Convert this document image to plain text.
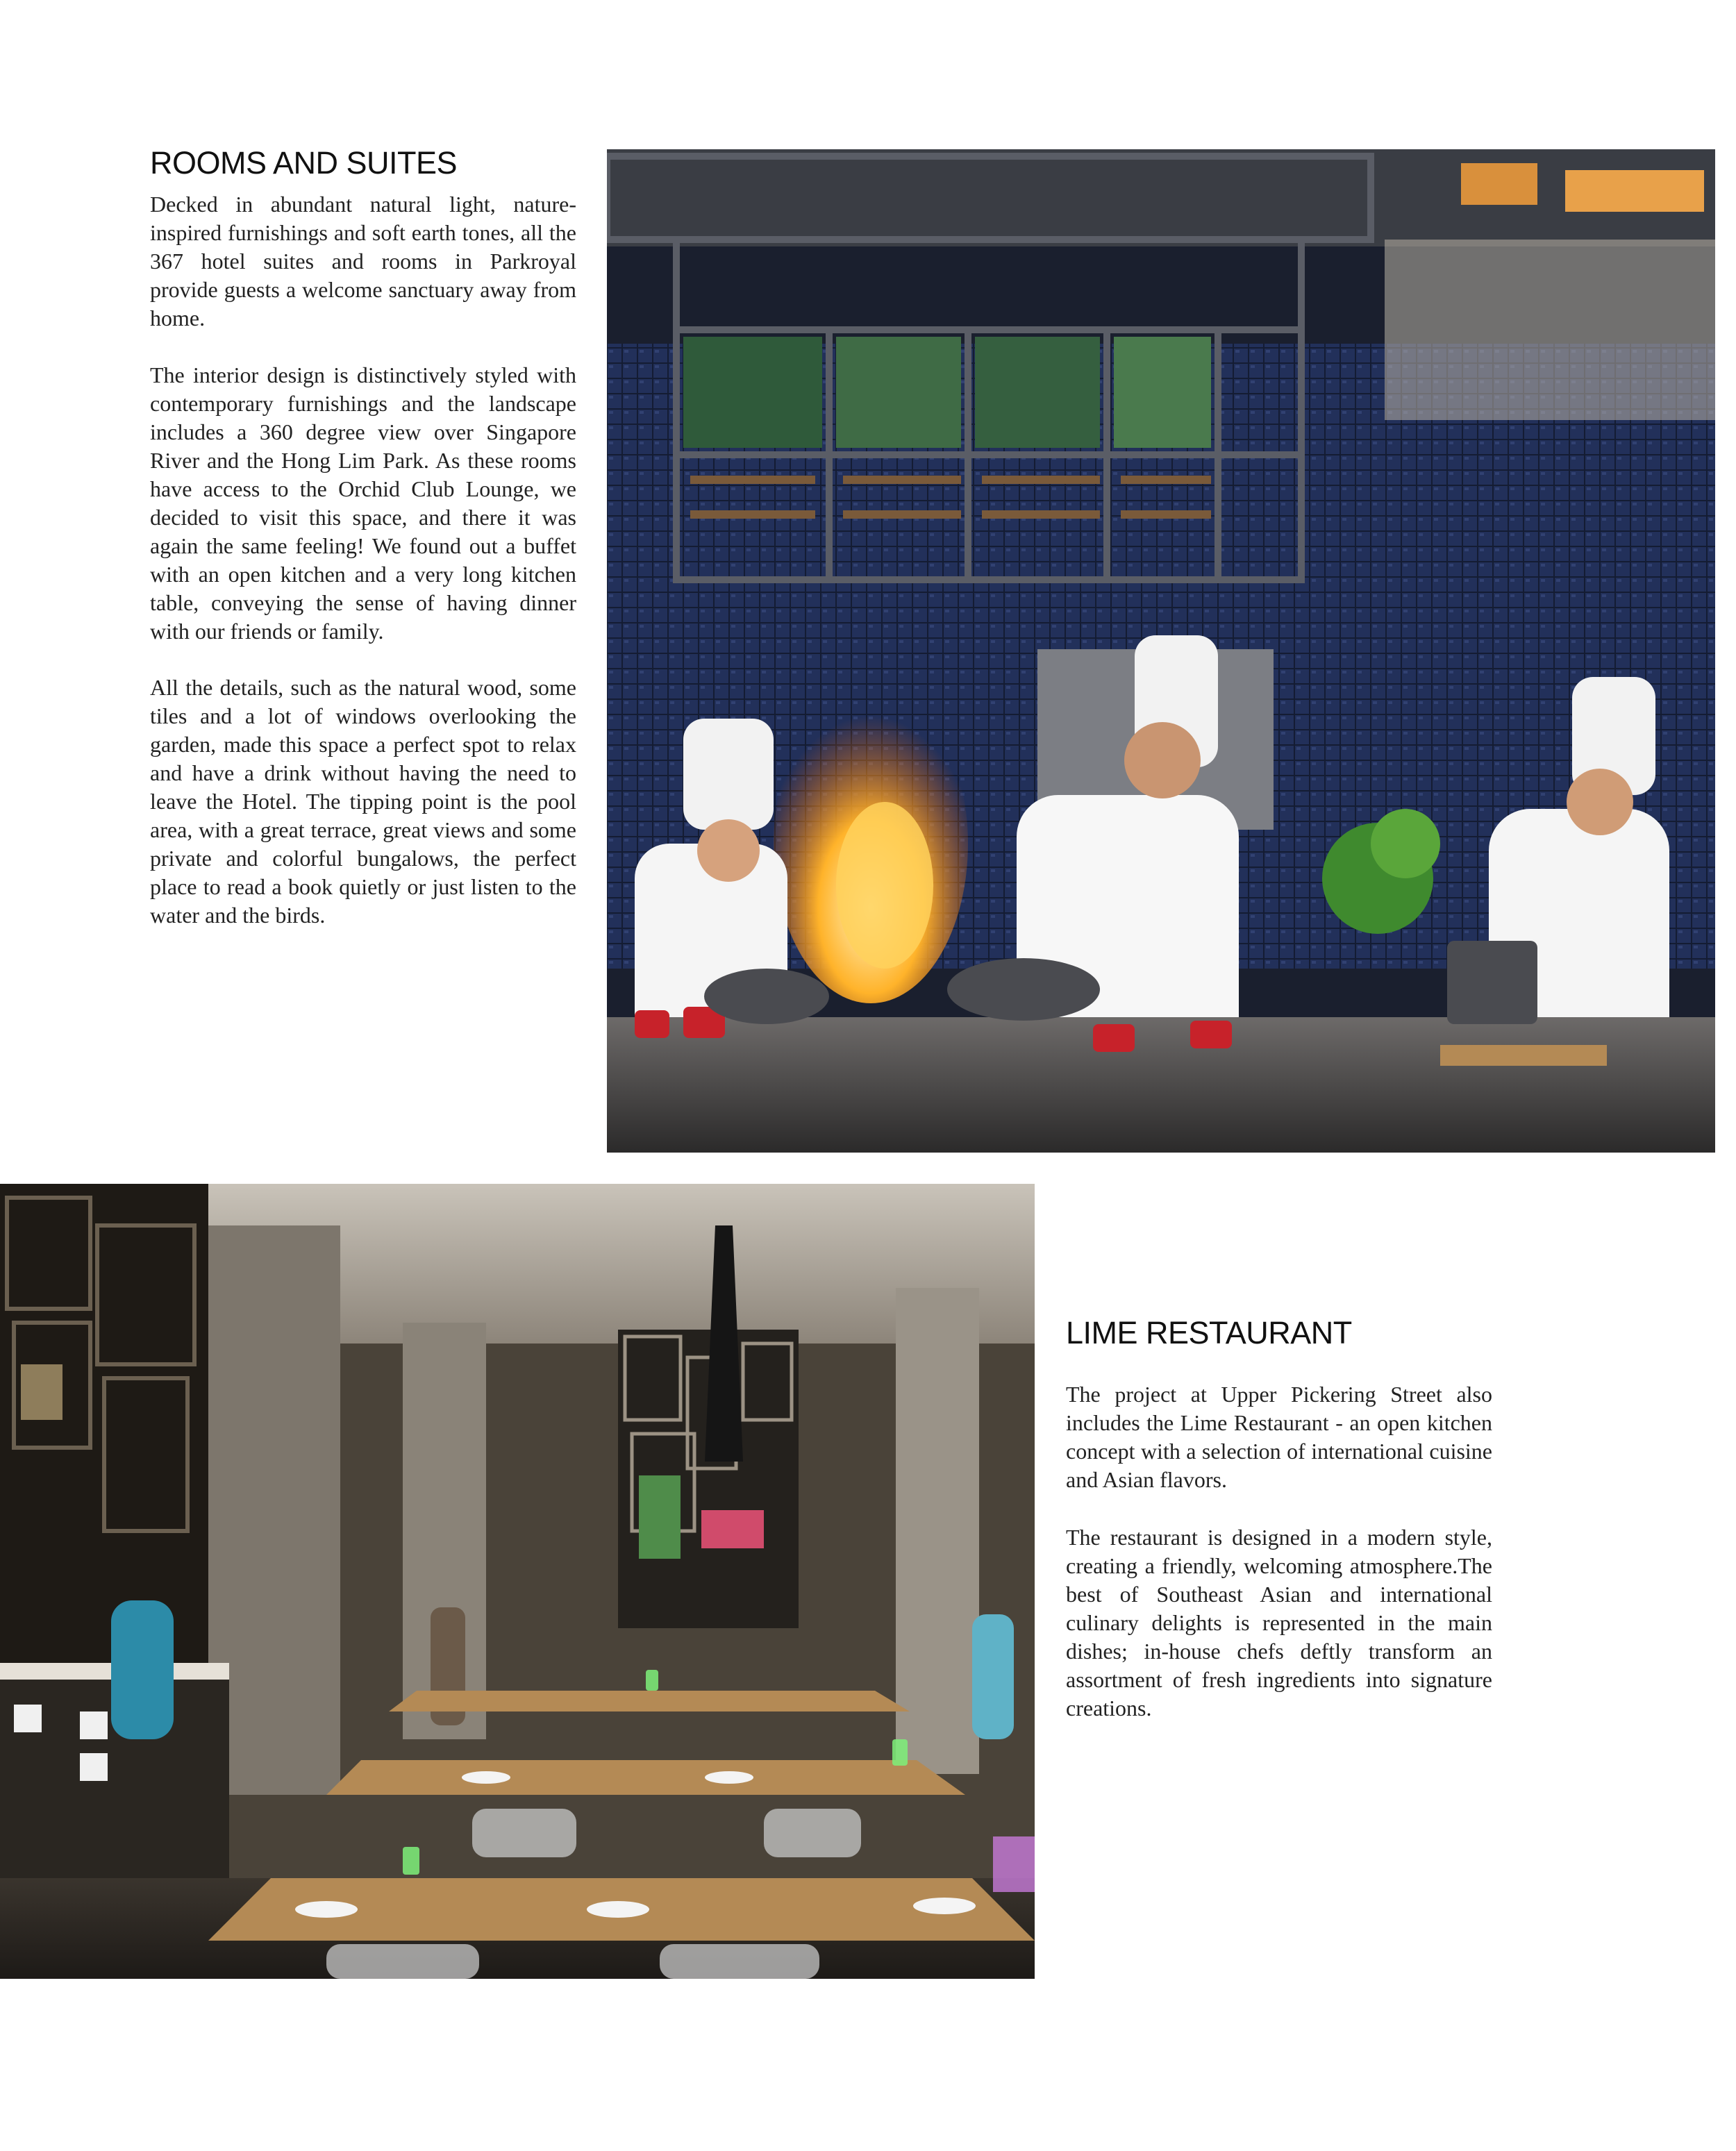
ROOMS AND SUITES

Decked in abundant natural light, nature-inspired furnishings and soft earth tones, all the 367 hotel suites and rooms in Parkroyal provide guests a welcome sanctuary away from home.

The interior design is distinctively styled with contemporary furnishings and the landscape includes a 360 degree view over Singapore River and the Hong Lim Park. As these rooms have access to the Orchid Club Lounge, we decided to visit this space, and there it was again the same feeling! We found out a buffet with an open kitchen and a very long kitchen table, conveying the sense of having dinner with our friends or family.

All the details, such as the natural wood, some tiles and a lot of windows overlooking the garden, made this space a perfect spot to relax and have a drink without having the need to leave the Hotel. The tipping point is the pool area, with a great terrace, great views and some private and colorful bungalows, the perfect place to read a book quietly or just listen to the water and the birds.

LIME RESTAURANT

The project at Upper Pickering Street also includes the Lime Restaurant - an open kitchen concept with a selection of international cuisine and Asian flavors.

The restaurant is designed in a modern style, creating a friendly, welcoming atmosphere.The best of Southeast Asian and international culinary delights is represented in the main dishes; in-house chefs deftly transform an assortment of fresh ingredients into signature creations.
